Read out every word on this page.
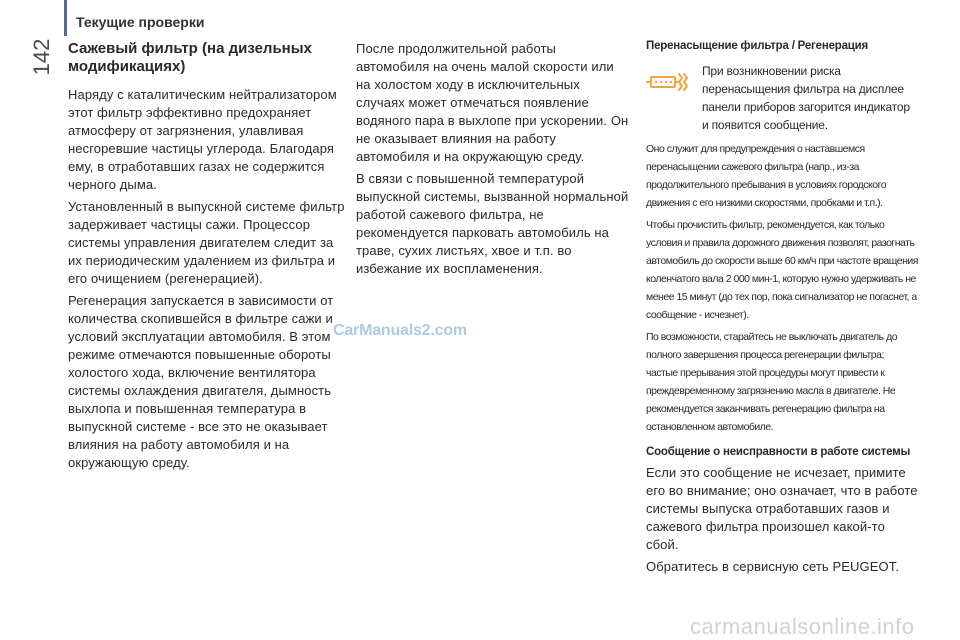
Текущие проверки
142 Сажевый фильтр (на дизельных модификациях)

Наряду с каталитическим нейтрализатором этот фильтр эффективно предохраняет атмосферу от загрязнения, улавливая несгоревшие частицы углерода. Благодаря ему, в отработавших газах не содержится черного дыма.

Установленный в выпускной системе фильтр задерживает частицы сажи. Процессор системы управления двигателем следит за их периодическим удалением из фильтра и его очищением (регенерацией).

Регенерация запускается в зависимости от количества скопившейся в фильтре сажи и условий эксплуатации автомобиля. В этом режиме отмечаются повышенные обороты холостого хода, включение вентилятора системы охлаждения двигателя, дымность выхлопа и повышенная температура в выпускной системе - все это не оказывает влияния на работу автомобиля и на окружающую среду.

После продолжительной работы автомобиля на очень малой скорости или на холостом ходу в исключительных случаях может отмечаться появление водяного пара в выхлопе при ускорении. Он не оказывает влияния на работу автомобиля и на окружающую среду.

В связи с повышенной температурой выпускной системы, вызванной нормальной работой сажевого фильтра, не рекомендуется парковать автомобиль на траве, сухих листьях, хвое и т.п. во избежание их воспламенения.

Перенасыщение фильтра / Регенерация
При возникновении риска перенасыщения фильтра на дисплее панели приборов загорится индикатор и появится сообщение.

Оно служит для предупреждения о наставшемся перенасыщении сажевого фильтра (напр., из-за продолжительного пребывания в условиях городского движения с его низкими скоростями, пробками и т.п.).

Чтобы прочистить фильтр, рекомендуется, как только условия и правила дорожного движения позволят, разогнать автомобиль до скорости выше 60 км/ч при частоте вращения коленчатого вала 2 000 мин-1, которую нужно удерживать не менее 15 минут (до тех пор, пока сигнализатор не погаснет, а сообщение - исчезнет).

По возможности, старайтесь не выключать двигатель до полного завершения процесса регенерации фильтра; частые прерывания этой процедуры могут привести к преждевременному загрязнению масла в двигателе. Не рекомендуется заканчивать регенерацию фильтра на остановленном автомобиле.

Сообщение о неисправности в работе системы

Если это сообщение не исчезает, примите его во внимание; оно означает, что в работе системы выпуска отработавших газов и сажевого фильтра произошел какой-то сбой.

Обратитесь в сервисную сеть PEUGEOT.

CarManuals2.com
carmanualsonline.info
